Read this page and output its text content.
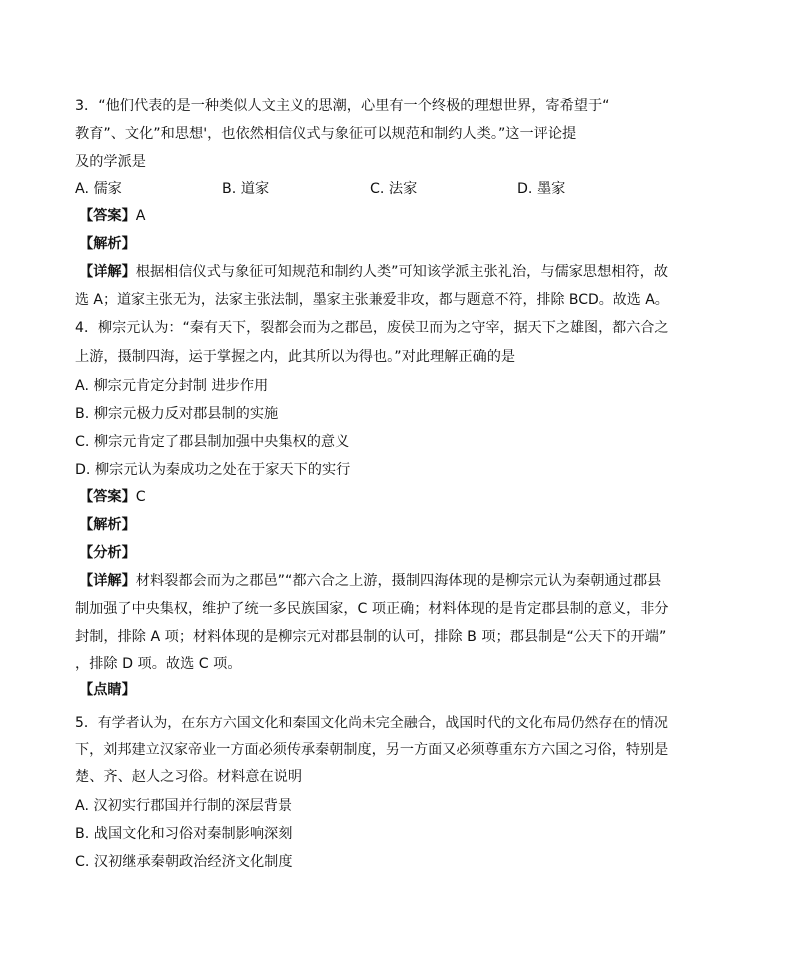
3．“他们代表的是一种类似人文主义的思潮，心里有一个终极的理想世界，寄希望于“
教育”、文化”和思想'，也依然相信仪式与象征可以规范和制约人类。”这一评论提
及的学派是
A. 儒家	B. 道家	C. 法家	D. 墨家
【答案】A
【解析】
【详解】根据相信仪式与象征可知规范和制约人类”可知该学派主张礼治，与儒家思想相符，故
选 A；道家主张无为，法家主张法制，墨家主张兼爱非攻，都与题意不符，排除 BCD。故选 A。
4．柳宗元认为：“秦有天下，裂都会而为之郡邑，废侯卫而为之守宰，据天下之雄图，都六合之
上游，摄制四海，运于掌握之内，此其所以为得也。”对此理解正确的是
A. 柳宗元肯定分封制 进步作用
B. 柳宗元极力反对郡县制的实施
C. 柳宗元肯定了郡县制加强中央集权的意义
D. 柳宗元认为秦成功之处在于家天下的实行
【答案】C
【解析】
【分析】
【详解】材料裂都会而为之郡邑”“都六合之上游，摄制四海体现的是柳宗元认为秦朝通过郡县
制加强了中央集权，维护了统一多民族国家，C 项正确；材料体现的是肯定郡县制的意义，非分
封制，排除 A 项；材料体现的是柳宗元对郡县制的认可，排除 B 项；郡县制是“公天下的开端”
，排除 D 项。故选 C 项。
【点睛】
5．有学者认为，在东方六国文化和秦国文化尚未完全融合，战国时代的文化布局仍然存在的情况
下，刘邦建立汉家帝业一方面必须传承秦朝制度，另一方面又必须尊重东方六国之习俗，特别是
楚、齐、赵人之习俗。材料意在说明
A. 汉初实行郡国并行制的深层背景
B. 战国文化和习俗对秦制影响深刻
C. 汉初继承秦朝政治经济文化制度
